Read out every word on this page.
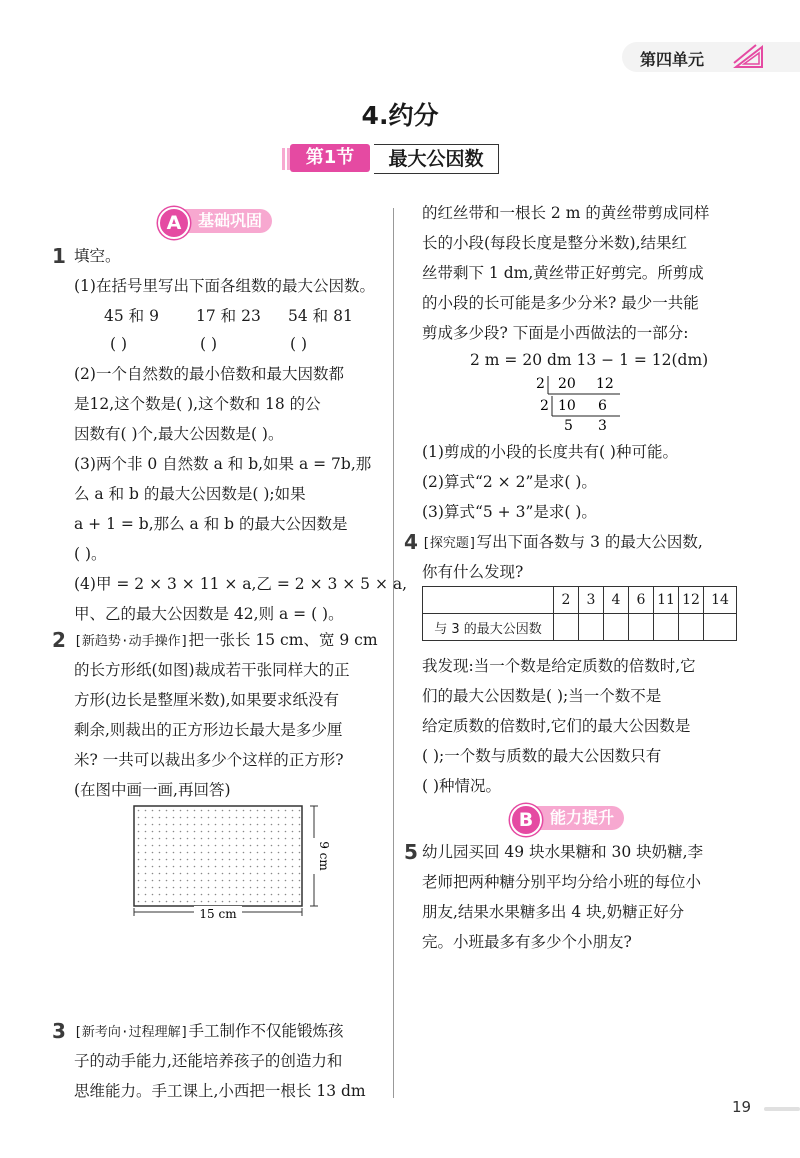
第四单元
4.约分
第1节	最大公因数
基础巩固
A
1 填空。
(1)在括号里写出下面各组数的最大公因数。
45 和 9 17 和 23 54 和 81
( )	( )	( )
(2)一个自然数的最小倍数和最大因数都
是12,这个数是( ),这个数和 18 的公
因数有( )个,最大公因数是( )。
(3)两个非 0 自然数 a 和 b,如果 a = 7b,那
么 a 和 b 的最大公因数是( );如果
a + 1 = b,那么 a 和 b 的最大公因数是
( )。
(4)甲 = 2 × 3 × 11 × a,乙 = 2 × 3 × 5 × a,
甲、乙的最大公因数是 42,则 a = ( )。
2 [新趋势·动手操作]把一张长 15 cm、宽 9 cm
的长方形纸(如图)裁成若干张同样大的正
方形(边长是整厘米数),如果要求纸没有
剩余,则裁出的正方形边长最大是多少厘
米? 一共可以裁出多少个这样的正方形?
(在图中画一画,再回答)
15 cm
9 cm
3 [新考向·过程理解]手工制作不仅能锻炼孩
子的动手能力,还能培养孩子的创造力和
思维能力。手工课上,小西把一根长 13 dm
的红丝带和一根长 2 m 的黄丝带剪成同样
长的小段(每段长度是整分米数),结果红
丝带剩下 1 dm,黄丝带正好剪完。所剪成
的小段的长可能是多少分米? 最少一共能
剪成多少段? 下面是小西做法的一部分:
2 m = 20 dm 13 − 1 = 12(dm)
2 20 12
2 10 6
5 3
(1)剪成的小段的长度共有( )种可能。
(2)算式“2 × 2”是求( )。
(3)算式“5 + 3”是求( )。
4 [探究题]写出下面各数与 3 的最大公因数,
你有什么发现?
	2	3	4	6	11	12	14
与 3 的最大公因数							
我发现:当一个数是给定质数的倍数时,它
们的最大公因数是( );当一个数不是
给定质数的倍数时,它们的最大公因数是
( );一个数与质数的最大公因数只有
( )种情况。
能力提升
B
5 幼儿园买回 49 块水果糖和 30 块奶糖,李
老师把两种糖分别平均分给小班的每位小
朋友,结果水果糖多出 4 块,奶糖正好分
完。小班最多有多少个小朋友?
19
